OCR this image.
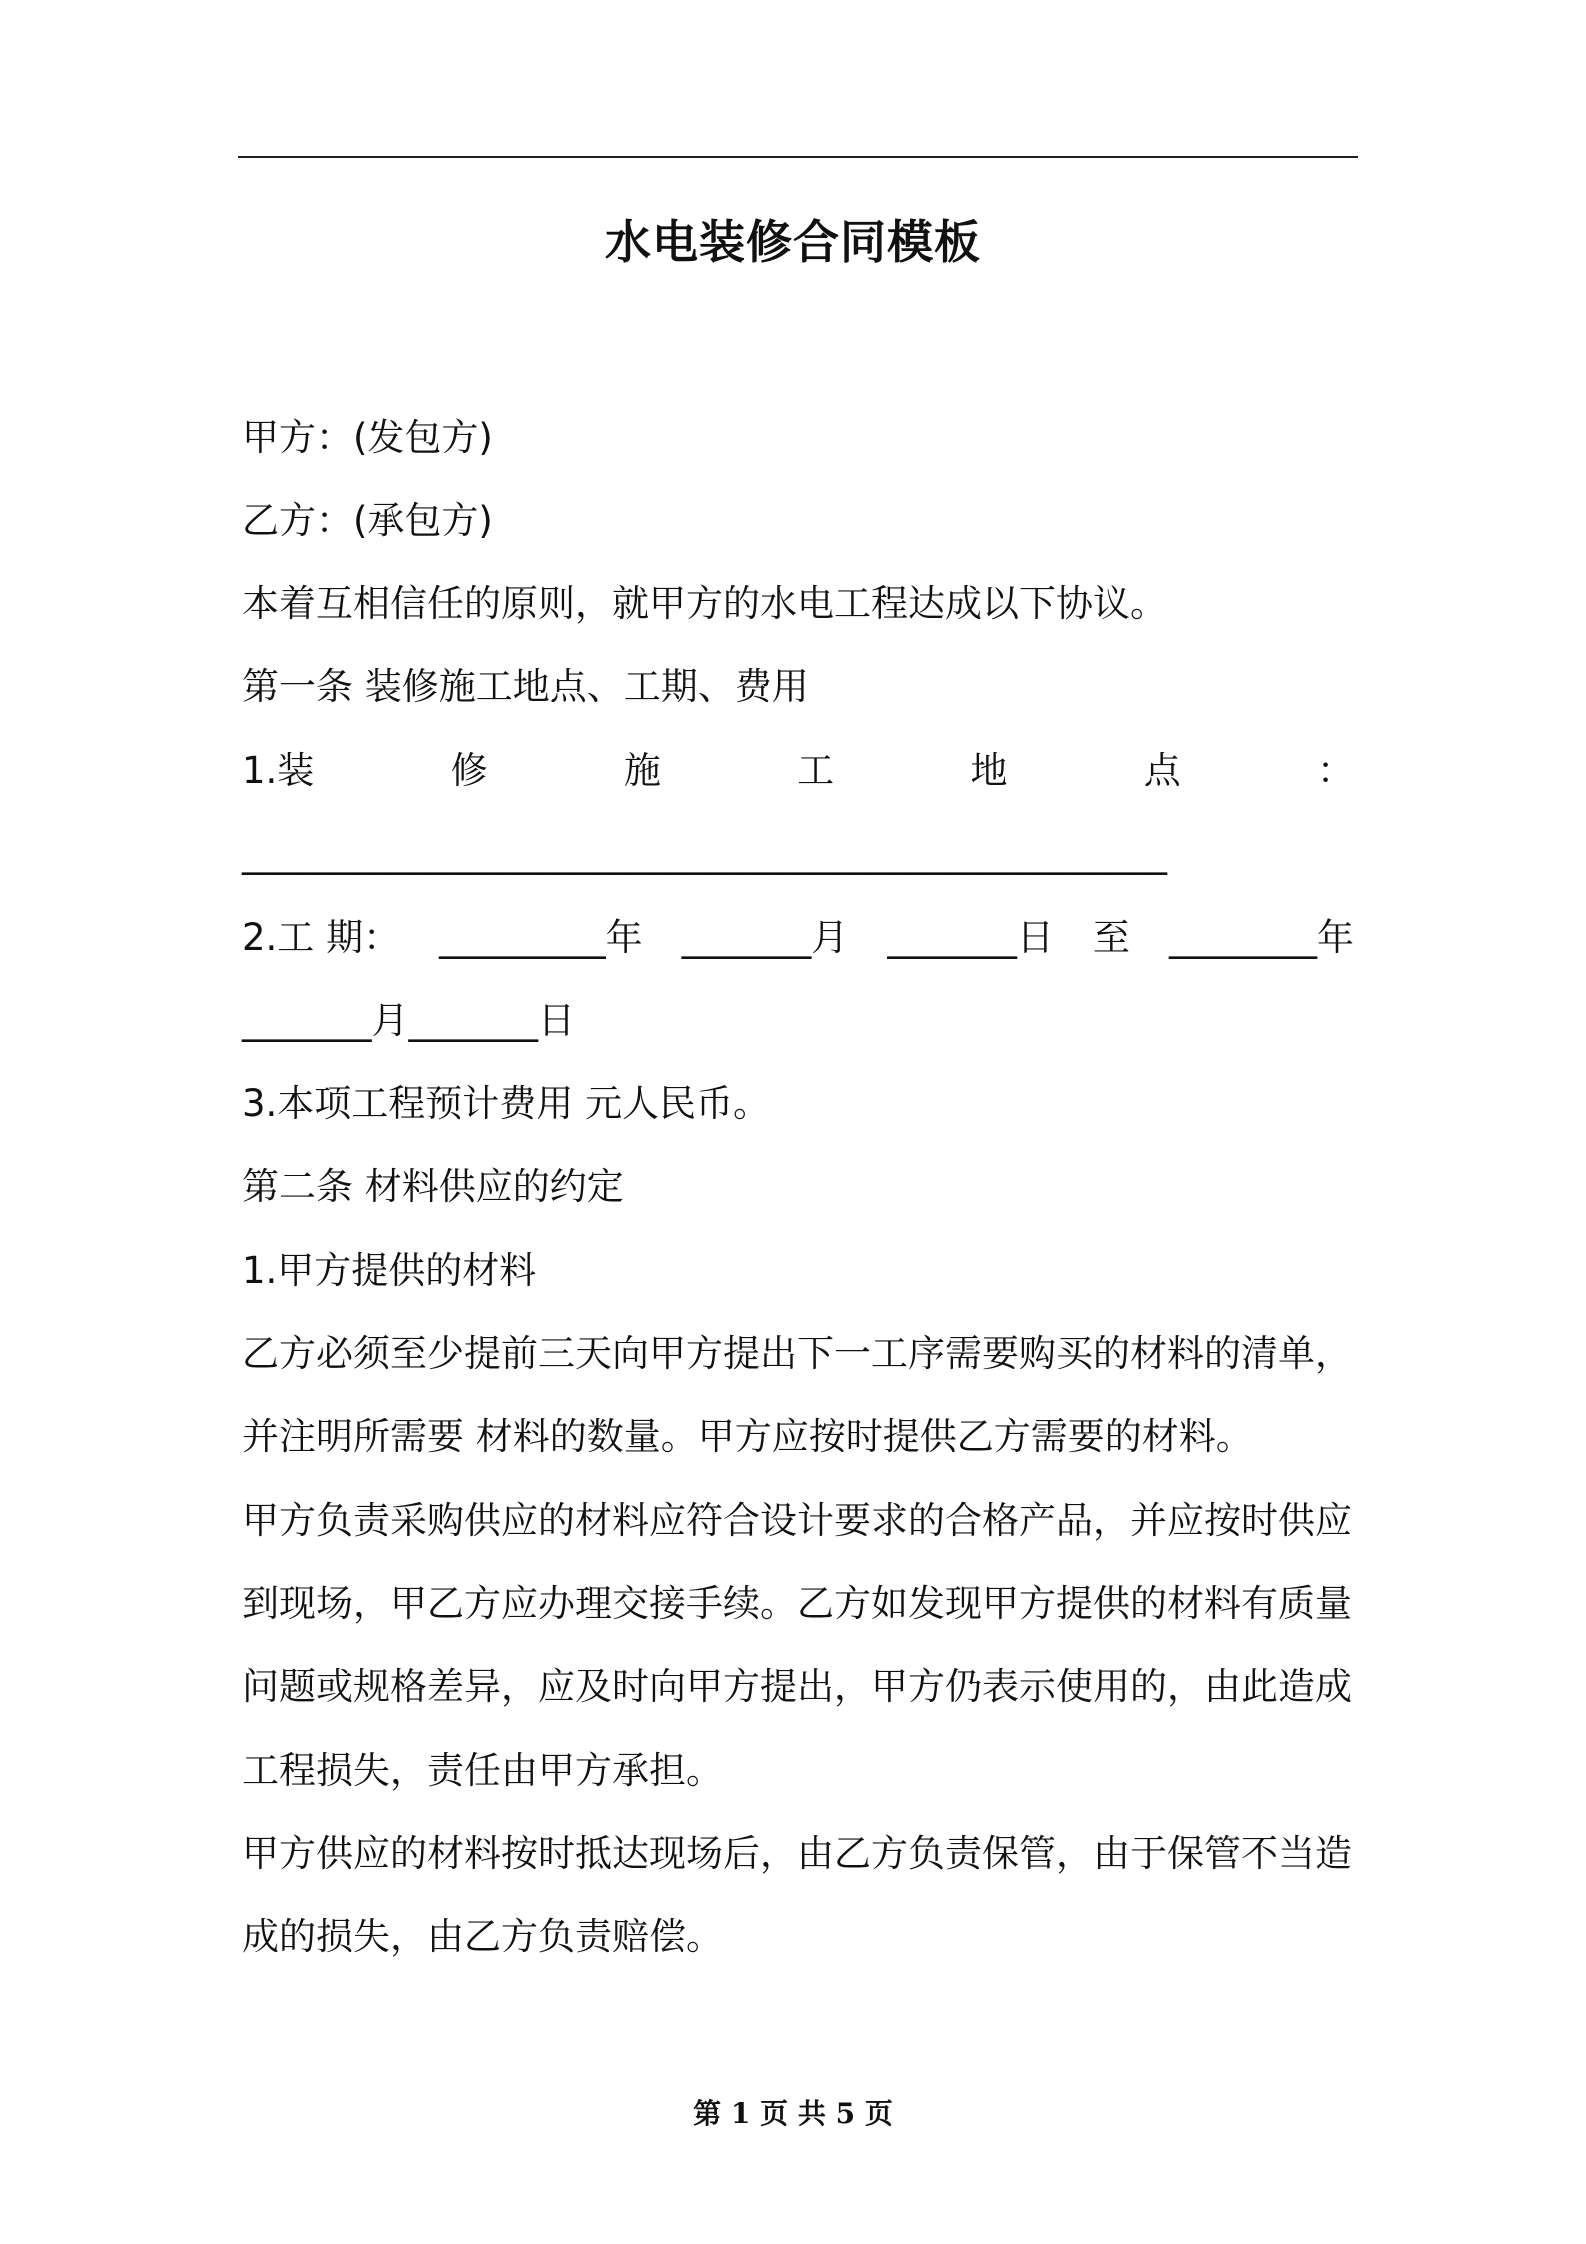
水电装修合同模板
甲方：(发包方)
乙方：(承包方)
本着互相信任的原则，就甲方的水电工程达成以下协议。
第一条 装修施工地点、工期、费用
1.装	修	施	工	地	点	：
__________________________________________________
2.工 期： _________年 _______月 _______日 至 ________年
_______月_______日
3.本项工程预计费用 元人民币。
第二条 材料供应的约定
1.甲方提供的材料
乙方必须至少提前三天向甲方提出下一工序需要购买的材料的清单，
并注明所需要 材料的数量。甲方应按时提供乙方需要的材料。
甲方负责采购供应的材料应符合设计要求的合格产品，并应按时供应
到现场，甲乙方应办理交接手续。乙方如发现甲方提供的材料有质量
问题或规格差异，应及时向甲方提出，甲方仍表示使用的，由此造成
工程损失，责任由甲方承担。
甲方供应的材料按时抵达现场后，由乙方负责保管，由于保管不当造
成的损失，由乙方负责赔偿。
第 1 页 共 5 页
